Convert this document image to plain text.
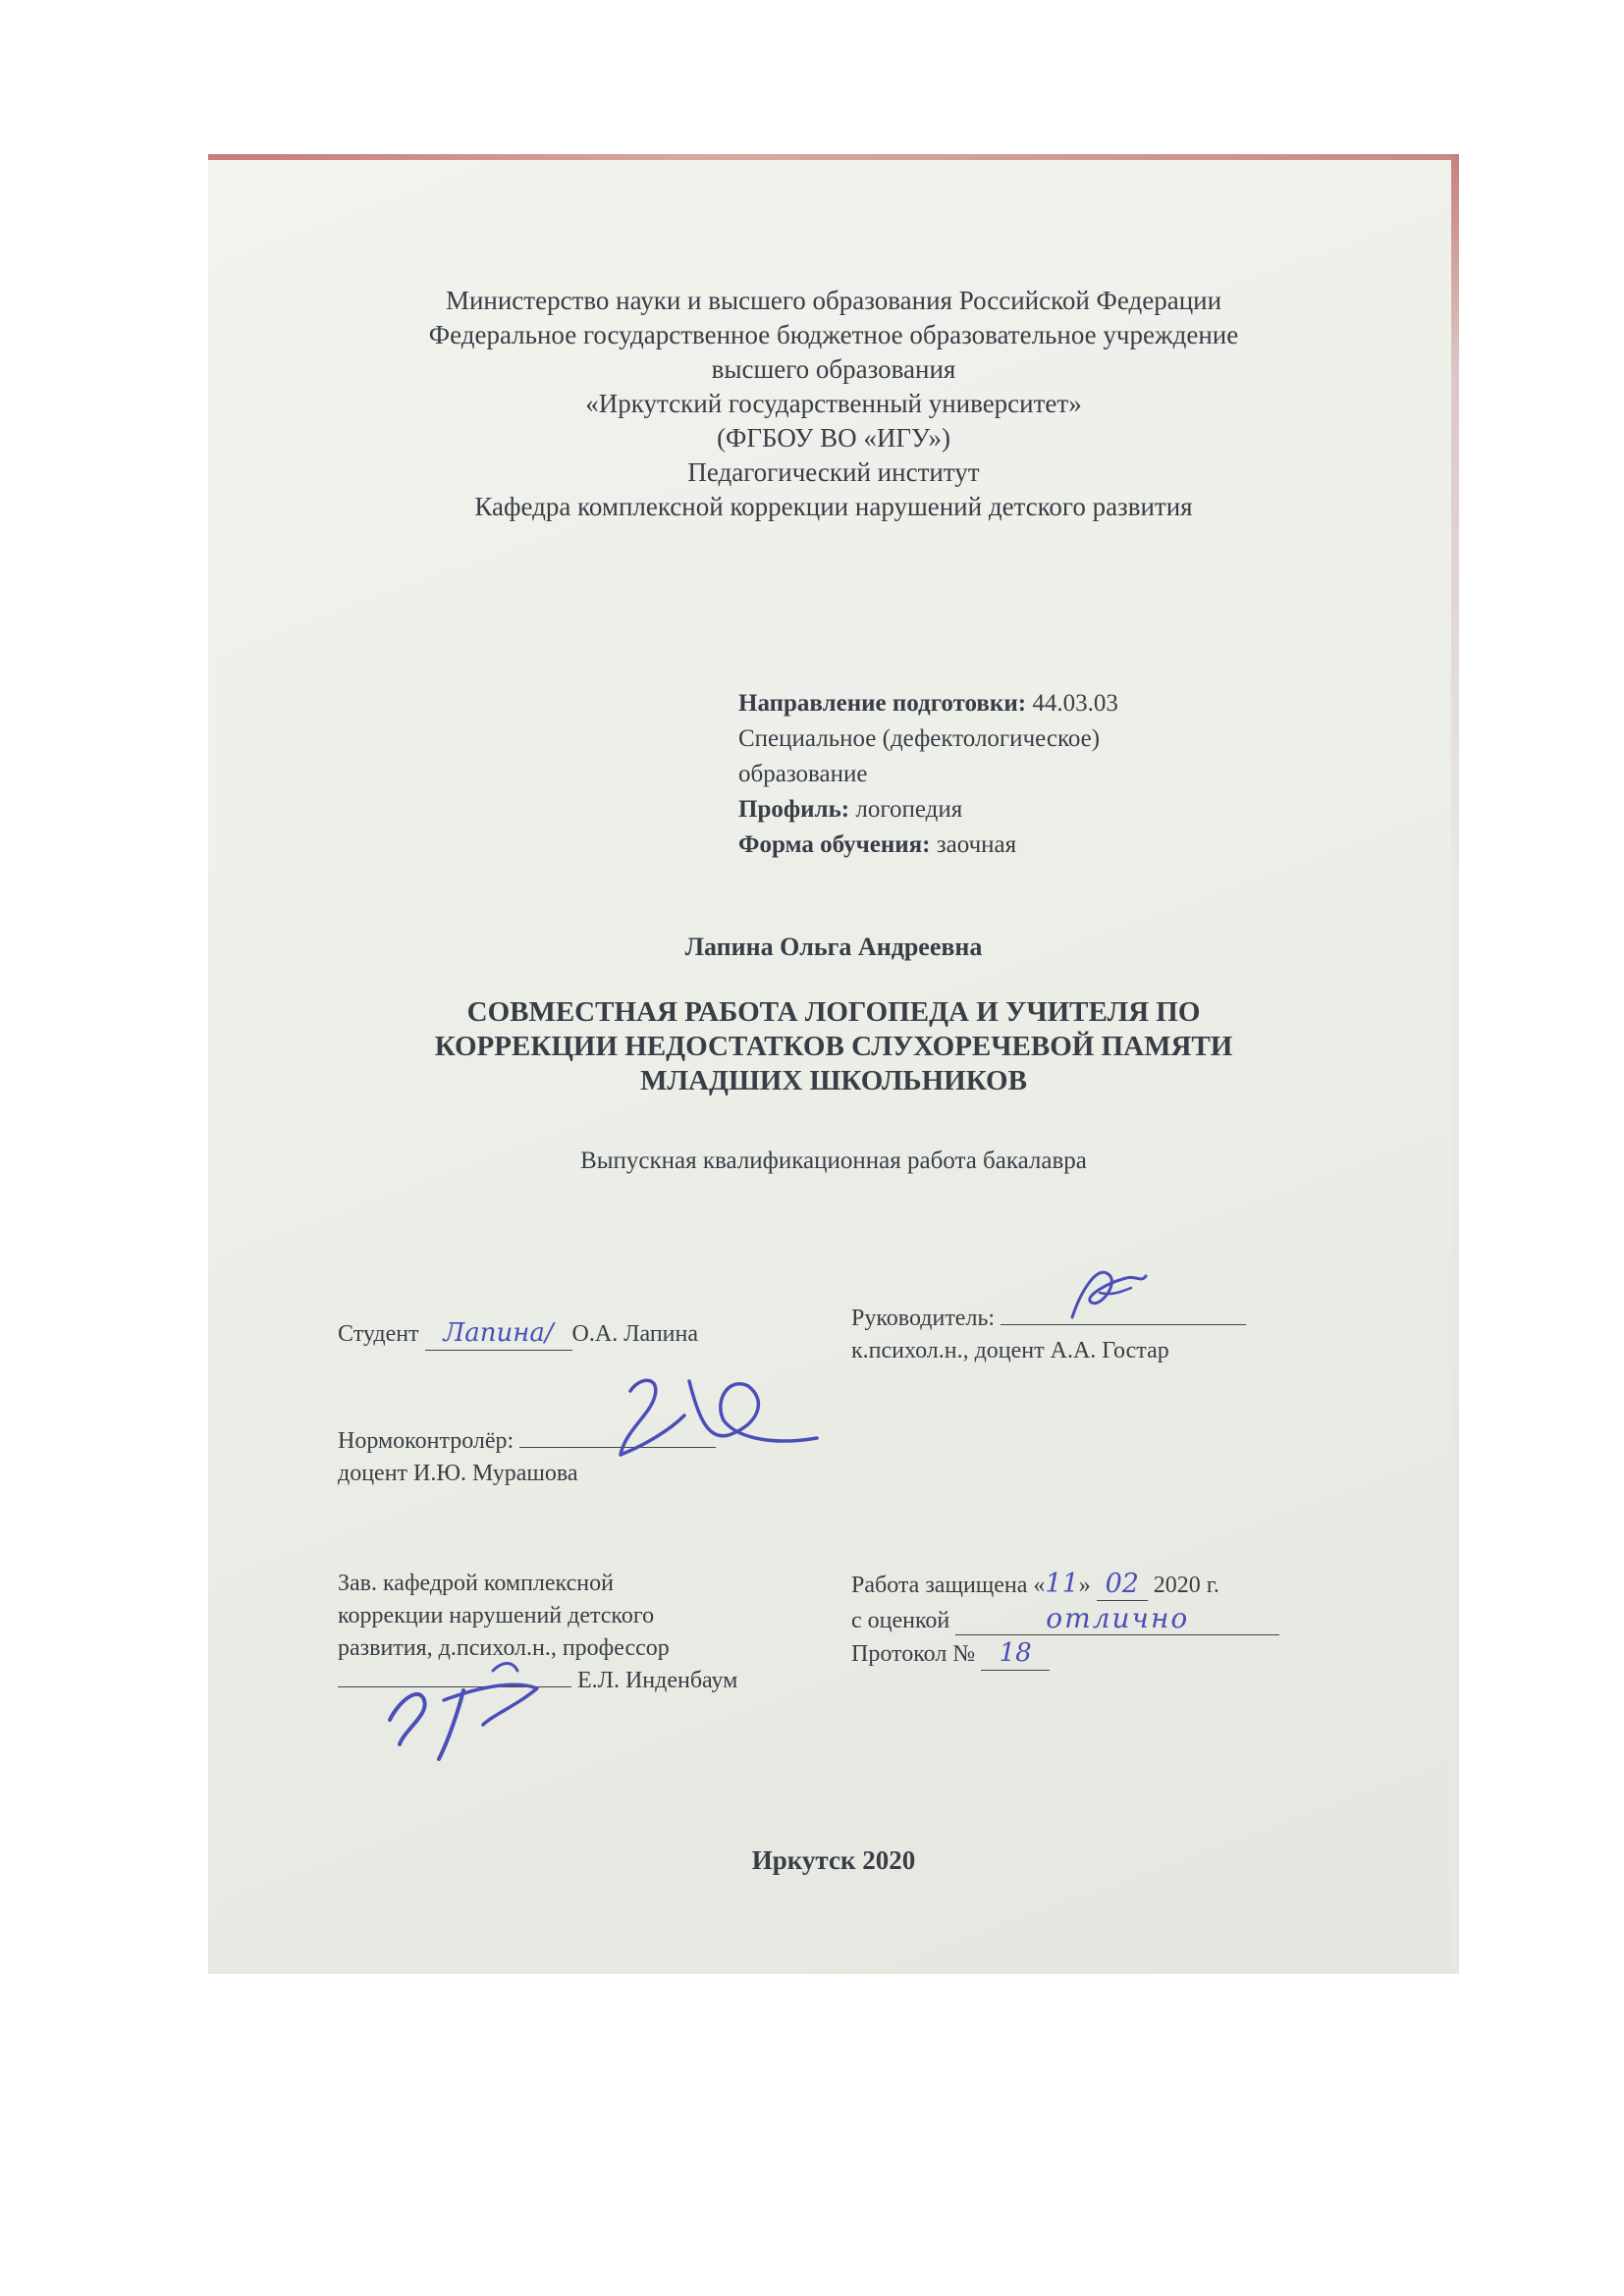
Министерство науки и высшего образования Российской Федерации
Федеральное государственное бюджетное образовательное учреждение
высшего образования
«Иркутский государственный университет»
(ФГБОУ ВО «ИГУ»)
Педагогический институт
Кафедра комплексной коррекции нарушений детского развития
Направление подготовки: 44.03.03
Специальное (дефектологическое)
образование
Профиль: логопедия
Форма обучения: заочная
Лапина Ольга Андреевна
СОВМЕСТНАЯ РАБОТА ЛОГОПЕДА И УЧИТЕЛЯ ПО
КОРРЕКЦИИ НЕДОСТАТКОВ СЛУХОРЕЧЕВОЙ ПАМЯТИ
МЛАДШИХ ШКОЛЬНИКОВ
Выпускная квалификационная работа бакалавра
Студент Лапина/ О.А. Лапина
Руководитель:
к.психол.н., доцент А.А. Гостар
Нормоконтролёр:
доцент И.Ю. Мурашова
Зав. кафедрой комплексной
коррекции нарушений детского
развития, д.психол.н., профессор
Е.Л. Инденбаум
Работа защищена «11» 02 2020 г.
с оценкой	отлично
Протокол № 18
Иркутск 2020
